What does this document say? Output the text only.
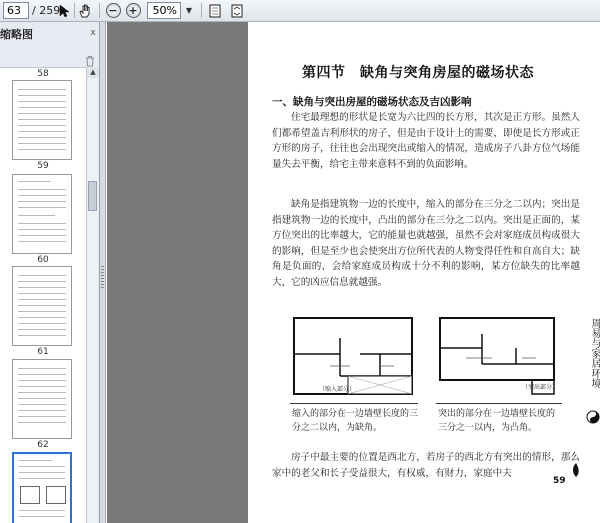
63	/ 259	− +	50%	▼
缩略图	x
58
59
60
61
62
▲	第四节　缺角与突角房屋的磁场状态
一、缺角与突出房屋的磁场状态及吉凶影响
住宅最理想的形状是长宽为六比四的长方形，其次是正方形。虽然人们都希望盖吉利形状的房子，但是由于设计上的需要，即使是长方形或正方形的房子，往往也会出现突出或缩入的情况，造成房子八卦方位气场能量失去平衡，给宅主带来意料不到的负面影响。
缺角是指建筑物一边的长度中，缩入的部分在三分之二以内；突出是指建筑物一边的长度中，凸出的部分在三分之二以内。突出是正面的，某方位突出的比率越大，它的能量也就越强，虽然不会对家庭成员构成很大的影响，但是至少也会使突出方位所代表的人物变得任性和自高自大；缺角是负面的，会给家庭成员构成十分不利的影响，某方位缺失的比率越大，它的凶应信息就越强。
（缩入部分）	（突出部分）
缩入的部分在一边墙壁长度的三分之二以内，为缺角。
突出的部分在一边墙壁长度的三分之一以内，为凸角。
房子中最主要的位置是西北方，若房子的西北方有突出的情形，那么家中的老父和长子受益很大，有权威，有财力，家庭中夫
周易与家居环境
59
